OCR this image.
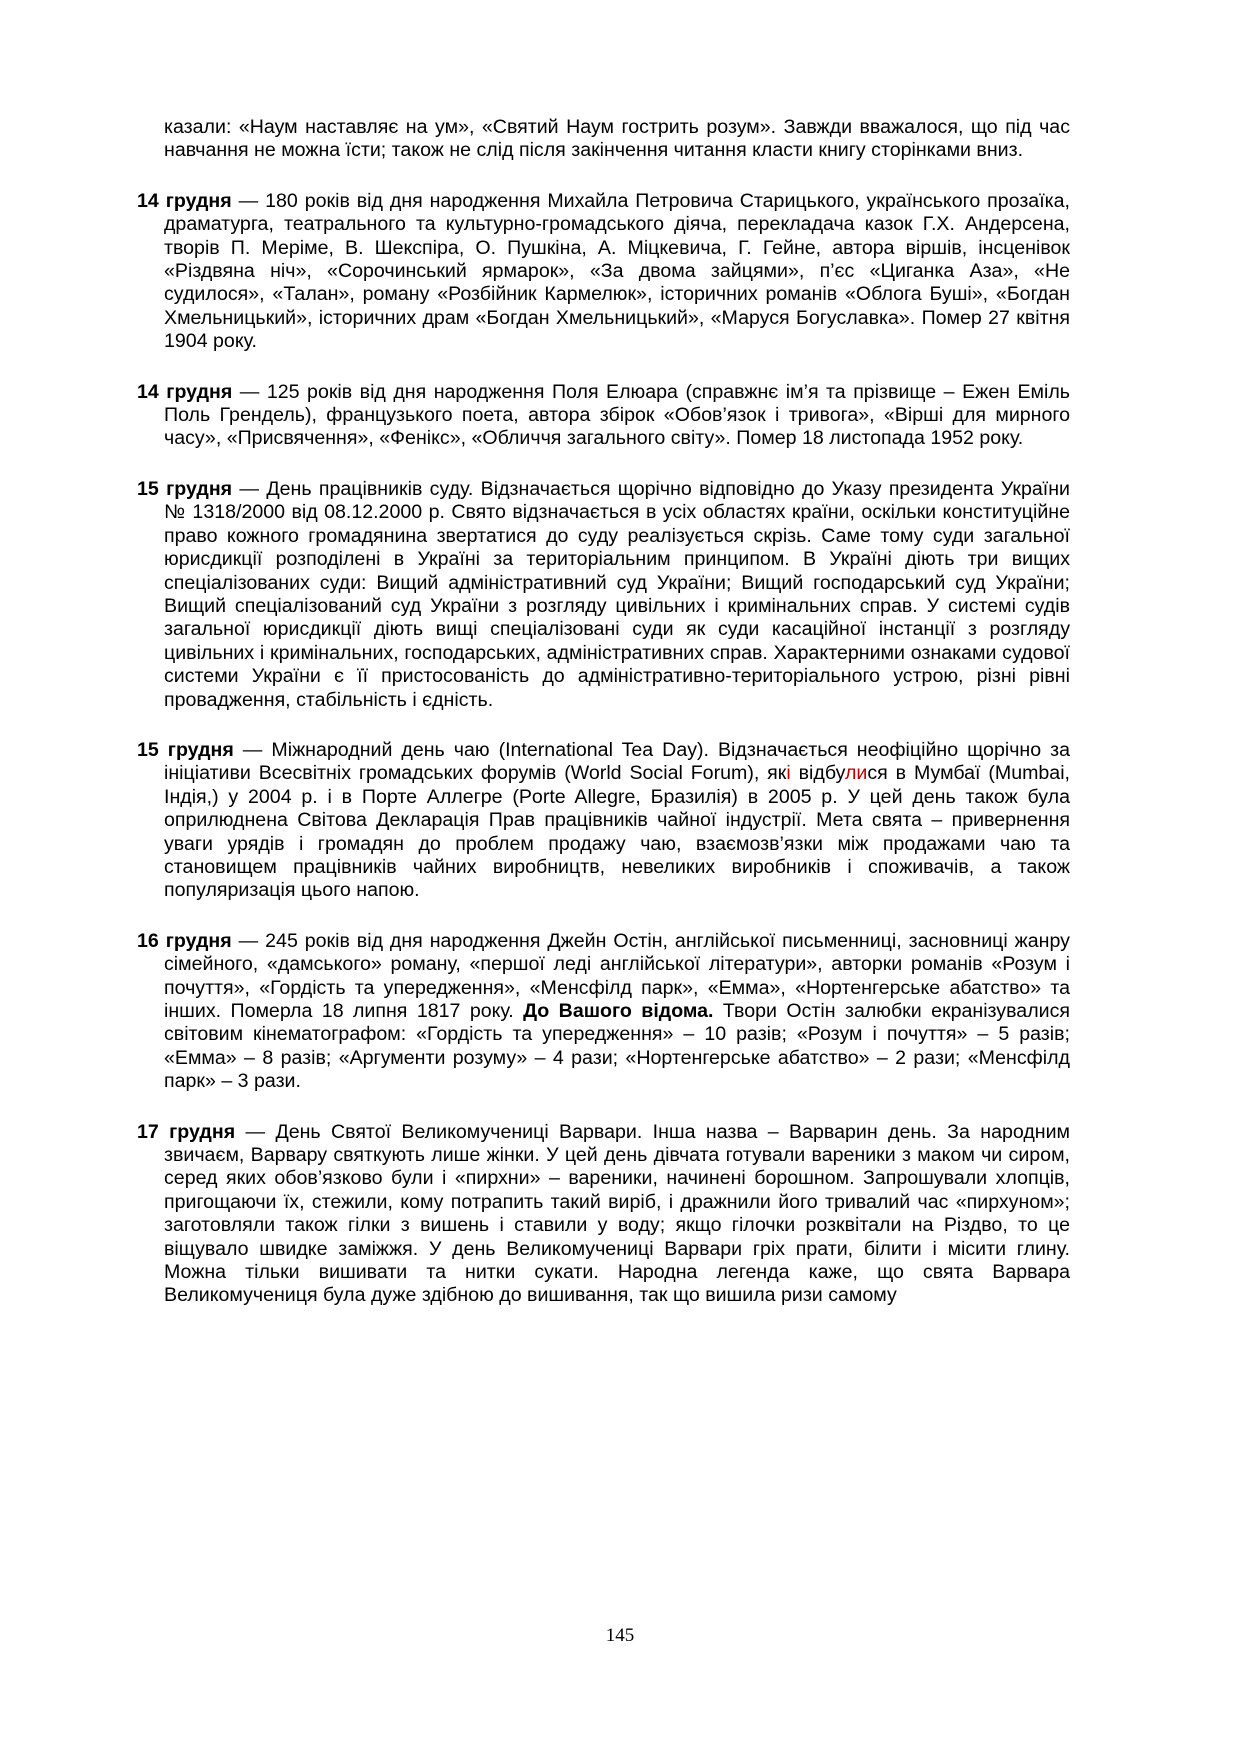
казали: «Наум наставляє на ум», «Святий Наум гострить розум». Завжди вважалося, що під час навчання не можна їсти; також не слід після закінчення читання класти книгу сторінками вниз.

14 грудня — 180 років від дня народження Михайла Петровича Старицького, українського прозаїка, драматурга, театрального та культурно-громадського діяча, перекладача казок Г.Х. Андерсена, творів П. Меріме, В. Шекспіра, О. Пушкіна, А. Міцкевича, Г. Гейне, автора віршів, інсценівок «Різдвяна ніч», «Сорочинський ярмарок», «За двома зайцями», п’єс «Циганка Аза», «Не судилося», «Талан», роману «Розбійник Кармелюк», історичних романів «Облога Буші», «Богдан Хмельницький», історичних драм «Богдан Хмельницький», «Маруся Богуславка». Помер 27 квітня 1904 року.

14 грудня — 125 років від дня народження Поля Елюара (справжнє ім’я та прізвище – Ежен Еміль Поль Грендель), французького поета, автора збірок «Обов’язок і тривога», «Вірші для мирного часу», «Присвячення», «Фенікс», «Обличчя загального світу». Помер 18 листопада 1952 року.

15 грудня — День працівників суду. Відзначається щорічно відповідно до Указу президента України № 1318/2000 від 08.12.2000 р. Свято відзначається в усіх областях країни, оскільки конституційне право кожного громадянина звертатися до суду реалізується скрізь. Саме тому суди загальної юрисдикції розподілені в Україні за територіальним принципом. В Україні діють три вищих спеціалізованих суди: Вищий адміністративний суд України; Вищий господарський суд України; Вищий спеціалізований суд України з розгляду цивільних і кримінальних справ. У системі судів загальної юрисдикції діють вищі спеціалізовані суди як суди касаційної інстанції з розгляду цивільних і кримінальних, господарських, адміністративних справ. Характерними ознаками судової системи України є її пристосованість до адміністративно-територіального устрою, різні рівні провадження, стабільність і єдність.

15 грудня — Міжнародний день чаю (International Tea Day). Відзначається неофіційно щорічно за ініціативи Всесвітніх громадських форумів (World Social Forum), які відбулися в Мумбаї (Mumbai, Індія,) у 2004 р. і в Порте Аллегре (Porte Allegre, Бразилія) в 2005 р. У цей день також була оприлюднена Світова Декларація Прав працівників чайної індустрії. Мета свята – привернення уваги урядів і громадян до проблем продажу чаю, взаємозв’язки між продажами чаю та становищем працівників чайних виробництв, невеликих виробників і споживачів, а також популяризація цього напою.

16 грудня — 245 років від дня народження Джейн Остін, англійської письменниці, засновниці жанру сімейного, «дамського» роману, «першої леді англійської літератури», авторки романів «Розум і почуття», «Гордість та упередження», «Менсфілд парк», «Емма», «Нортенгерське абатство» та інших. Померла 18 липня 1817 року. До Вашого відома. Твори Остін залюбки екранізувалися світовим кінематографом: «Гордість та упередження» – 10 разів; «Розум і почуття» – 5 разів; «Емма» – 8 разів; «Аргументи розуму» – 4 рази; «Нортенгерське абатство» – 2 рази; «Менсфілд парк» – 3 рази.

17 грудня — День Святої Великомучениці Варвари. Інша назва – Варварин день. За народним звичаєм, Варвару святкують лише жінки. У цей день дівчата готували вареники з маком чи сиром, серед яких обов’язково були і «пирхни» – вареники, начинені борошном. Запрошували хлопців, пригощаючи їх, стежили, кому потрапить такий виріб, і дражнили його тривалий час «пирхуном»; заготовляли також гілки з вишень і ставили у воду; якщо гілочки розквітали на Різдво, то це віщувало швидке заміжжя. У день Великомучениці Варвари гріх прати, білити і місити глину. Можна тільки вишивати та нитки сукати. Народна легенда каже, що свята Варвара Великомучениця була дуже здібною до вишивання, так що вишила ризи самому

145
